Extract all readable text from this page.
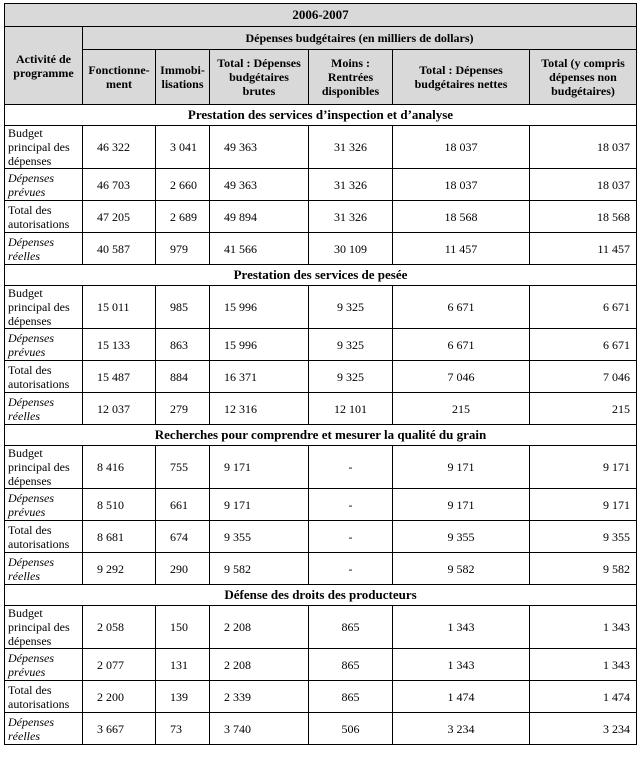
2006-2007						
Activité de programme	Dépenses budgétaires (en milliers de dollars)					
	Fonctionne-ment	Immobi-lisations	Total : Dépenses budgétaires brutes	Moins : Rentrées disponibles	Total : Dépenses budgétaires nettes	Total (y compris dépenses non budgétaires)
Prestation des services d’inspection et d’analyse						
Budget principal des dépenses	46 322	3 041	49 363	31 326	18 037	18 037
Dépenses prévues	46 703	2 660	49 363	31 326	18 037	18 037
Total des autorisations	47 205	2 689	49 894	31 326	18 568	18 568
Dépenses réelles	40 587	979	41 566	30 109	11 457	11 457
Prestation des services de pesée						
Budget principal des dépenses	15 011	985	15 996	9 325	6 671	6 671
Dépenses prévues	15 133	863	15 996	9 325	6 671	6 671
Total des autorisations	15 487	884	16 371	9 325	7 046	7 046
Dépenses réelles	12 037	279	12 316	12 101	215	215
Recherches pour comprendre et mesurer la qualité du grain						
Budget principal des dépenses	8 416	755	9 171	-	9 171	9 171
Dépenses prévues	8 510	661	9 171	-	9 171	9 171
Total des autorisations	8 681	674	9 355	-	9 355	9 355
Dépenses réelles	9 292	290	9 582	-	9 582	9 582
Défense des droits des producteurs						
Budget principal des dépenses	2 058	150	2 208	865	1 343	1 343
Dépenses prévues	2 077	131	2 208	865	1 343	1 343
Total des autorisations	2 200	139	2 339	865	1 474	1 474
Dépenses réelles	3 667	73	3 740	506	3 234	3 234
